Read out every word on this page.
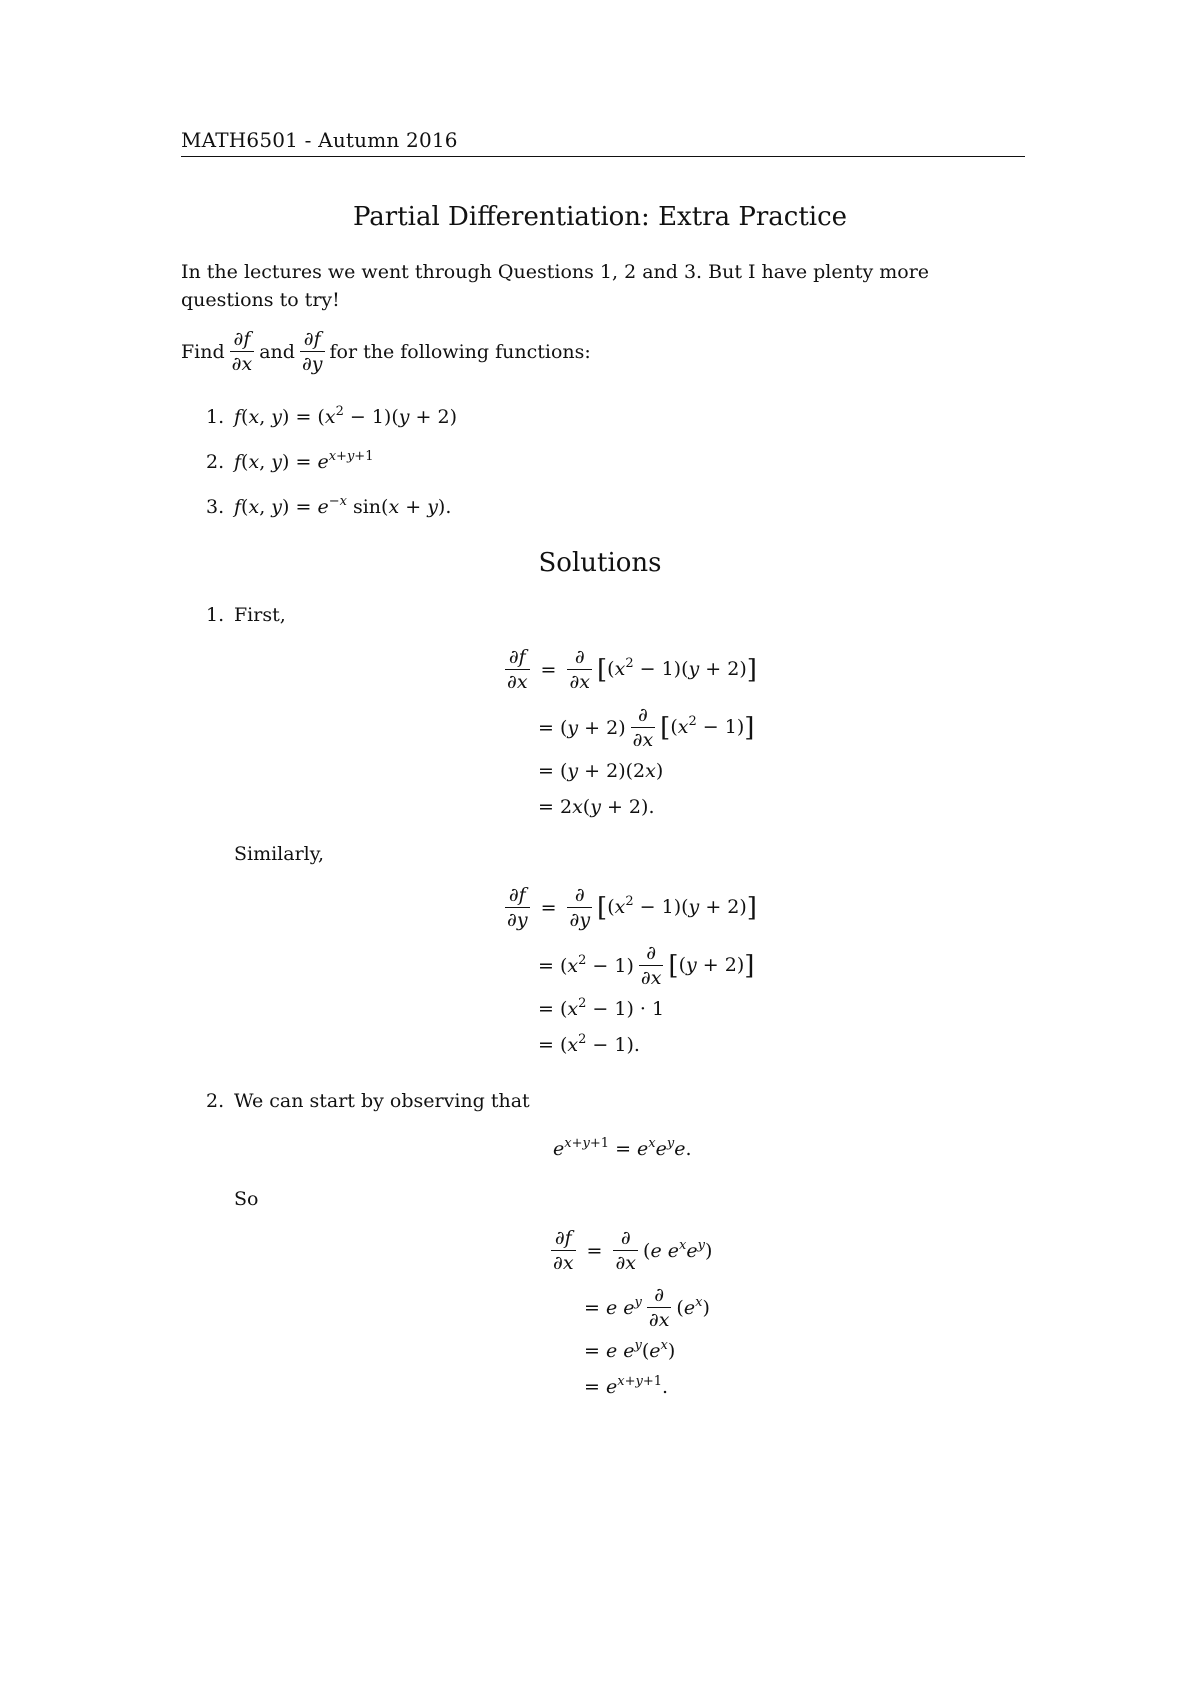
MATH6501 - Autumn 2016
Partial Differentiation: Extra Practice
In the lectures we went through Questions 1, 2 and 3. But I have plenty more questions to try!
Find $\frac{\partial f}{\partial x}$ and $\frac{\partial f}{\partial y}$ for the following functions:
1. f(x, $y) = (x^2 - 1)(y + 2)$
2. f(x, $y) = e^{x+y+1}$
3. f(x, $y) = e^{-x}$ sin(x + y).
Solutions
1. First,
$\frac{\partial f}{\partial x} = \frac{\partial}{\partial x} [(x^2 - 1)(y + 2)]$
= $(y + 2) \frac{\partial}{\partial x} [(x^2 - 1)]$
= (y + 2)(2x)
= 2x(y + 2).
Similarly,
$\frac{\partial f}{\partial y} = \frac{\partial}{\partial y} [(x^2 - 1)(y + 2)]$
= $(x^2 - 1) \frac{\partial}{\partial x} [(y + 2)]$
= $(x^2 - 1) \cdot 1$
= $(x^2 - 1)$.
2. We can start by observing that
$e^{x+y+1} = e^xe^ye$.
So
$\frac{\partial f}{\partial x} = \frac{\partial}{\partial x} (e$ $e^xe^y$)
= e $e^y \frac{\partial}{\partial x} (e^x)$
= e $e^y(e^x)$
= $e^{x+y+1}$.
